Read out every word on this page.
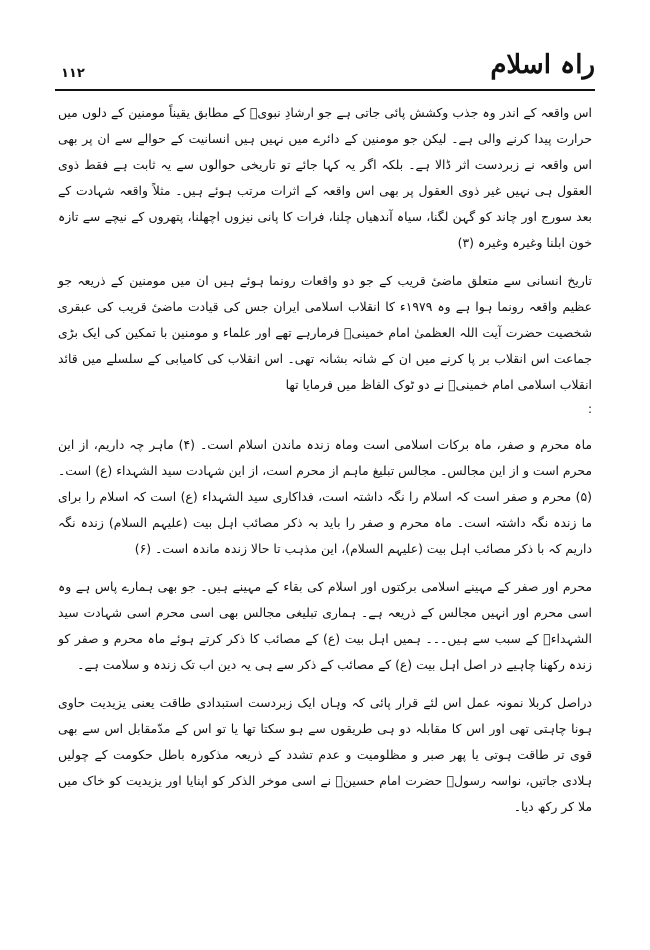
۱۱۲	راہ اسلام

اس واقعہ کے اندر وہ جذب وکشش پائی جاتی ہے جو ارشادِ نبویؐ کے مطابق یقیناً مومنین کے دلوں میں حرارت پیدا کرنے والی ہے۔ لیکن جو مومنین کے دائرے میں نہیں ہیں انسانیت کے حوالے سے ان پر بھی اس واقعہ نے زبردست اثر ڈالا ہے۔ بلکہ اگر یہ کہا جائے تو تاریخی حوالوں سے یہ ثابت ہے فقط ذوی العقول ہی نہیں غیر ذوی العقول پر بھی اس واقعہ کے اثرات مرتب ہوئے ہیں۔ مثلاً واقعہ شہادت کے بعد سورج اور چاند کو گہن لگنا، سیاہ آندھیاں چلنا، فرات کا پانی نیزوں اچھلنا، پتھروں کے نیچے سے تازہ خون ابلنا وغیرہ وغیرہ (۳)

تاریخ انسانی سے متعلق ماضیٔ قریب کے جو دو واقعات رونما ہوئے ہیں ان میں مومنین کے ذریعہ جو عظیم واقعہ رونما ہوا ہے وہ ۱۹۷۹ء کا انقلاب اسلامی ایران جس کی قیادت ماضیٔ قریب کی عبقری شخصیت حضرت آیت اللہ العظمیٰ امام خمینیؒ فرمارہے تھے اور علماء و مومنین با تمکین کی ایک بڑی جماعت اس انقلاب بر پا کرنے میں ان کے شانہ بشانہ تھی۔ اس انقلاب کی کامیابی کے سلسلے میں قائد انقلاب اسلامی امام خمینیؒ نے دو ٹوک الفاظ میں فرمایا تھا

:

ماہ محرم و صفر، ماہ برکات اسلامی است وماہ زندہ ماندن اسلام است۔ (۴) ماہر چہ داریم، از این محرم است و از این مجالس۔ مجالس تبلیغ ماہم از محرم است، از این شہادت سید الشہداء (ع) است۔ (۵) محرم و صفر است کہ اسلام را نگہ داشتہ است، فداکاری سید الشہداء (ع) است کہ اسلام را برای ما زندہ نگہ داشتہ است۔ ماہ محرم و صفر را باید بہ ذکر مصائب اہل بیت (علیہم السلام) زندہ نگہ داریم کہ با ذکر مصائب اہل بیت (علیہم السلام)، این مذہب تا حالا زندہ ماندہ است۔ (۶)

محرم اور صفر کے مہینے اسلامی برکتوں اور اسلام کی بقاء کے مہینے ہیں۔ جو بھی ہمارے پاس ہے وہ اسی محرم اور انہیں مجالس کے ذریعہ ہے۔ ہماری تبلیغی مجالس بھی اسی محرم اسی شہادت سید الشہداءؑ کے سبب سے ہیں۔۔۔ ہمیں اہل بیت (ع) کے مصائب کا ذکر کرتے ہوئے ماہ محرم و صفر کو زندہ رکھنا چاہیے در اصل اہل بیت (ع) کے مصائب کے ذکر سے ہی یہ دین اب تک زندہ و سلامت ہے۔

دراصل کربلا نمونہ عمل اس لئے قرار پائی کہ وہاں ایک زبردست استبدادی طاقت یعنی یزیدیت حاوی ہونا چاہتی تھی اور اس کا مقابلہ دو ہی طریقوں سے ہو سکتا تھا یا تو اس کے مدّمقابل اس سے بھی قوی تر طاقت ہوتی یا پھر صبر و مظلومیت و عدم تشدد کے ذریعہ مذکورہ باطل حکومت کے چولیں ہلادی جاتیں، نواسہ رسولؐ حضرت امام حسینؑ نے اسی موخر الذکر کو اپنایا اور یزیدیت کو خاک میں ملا کر رکھ دیا۔
